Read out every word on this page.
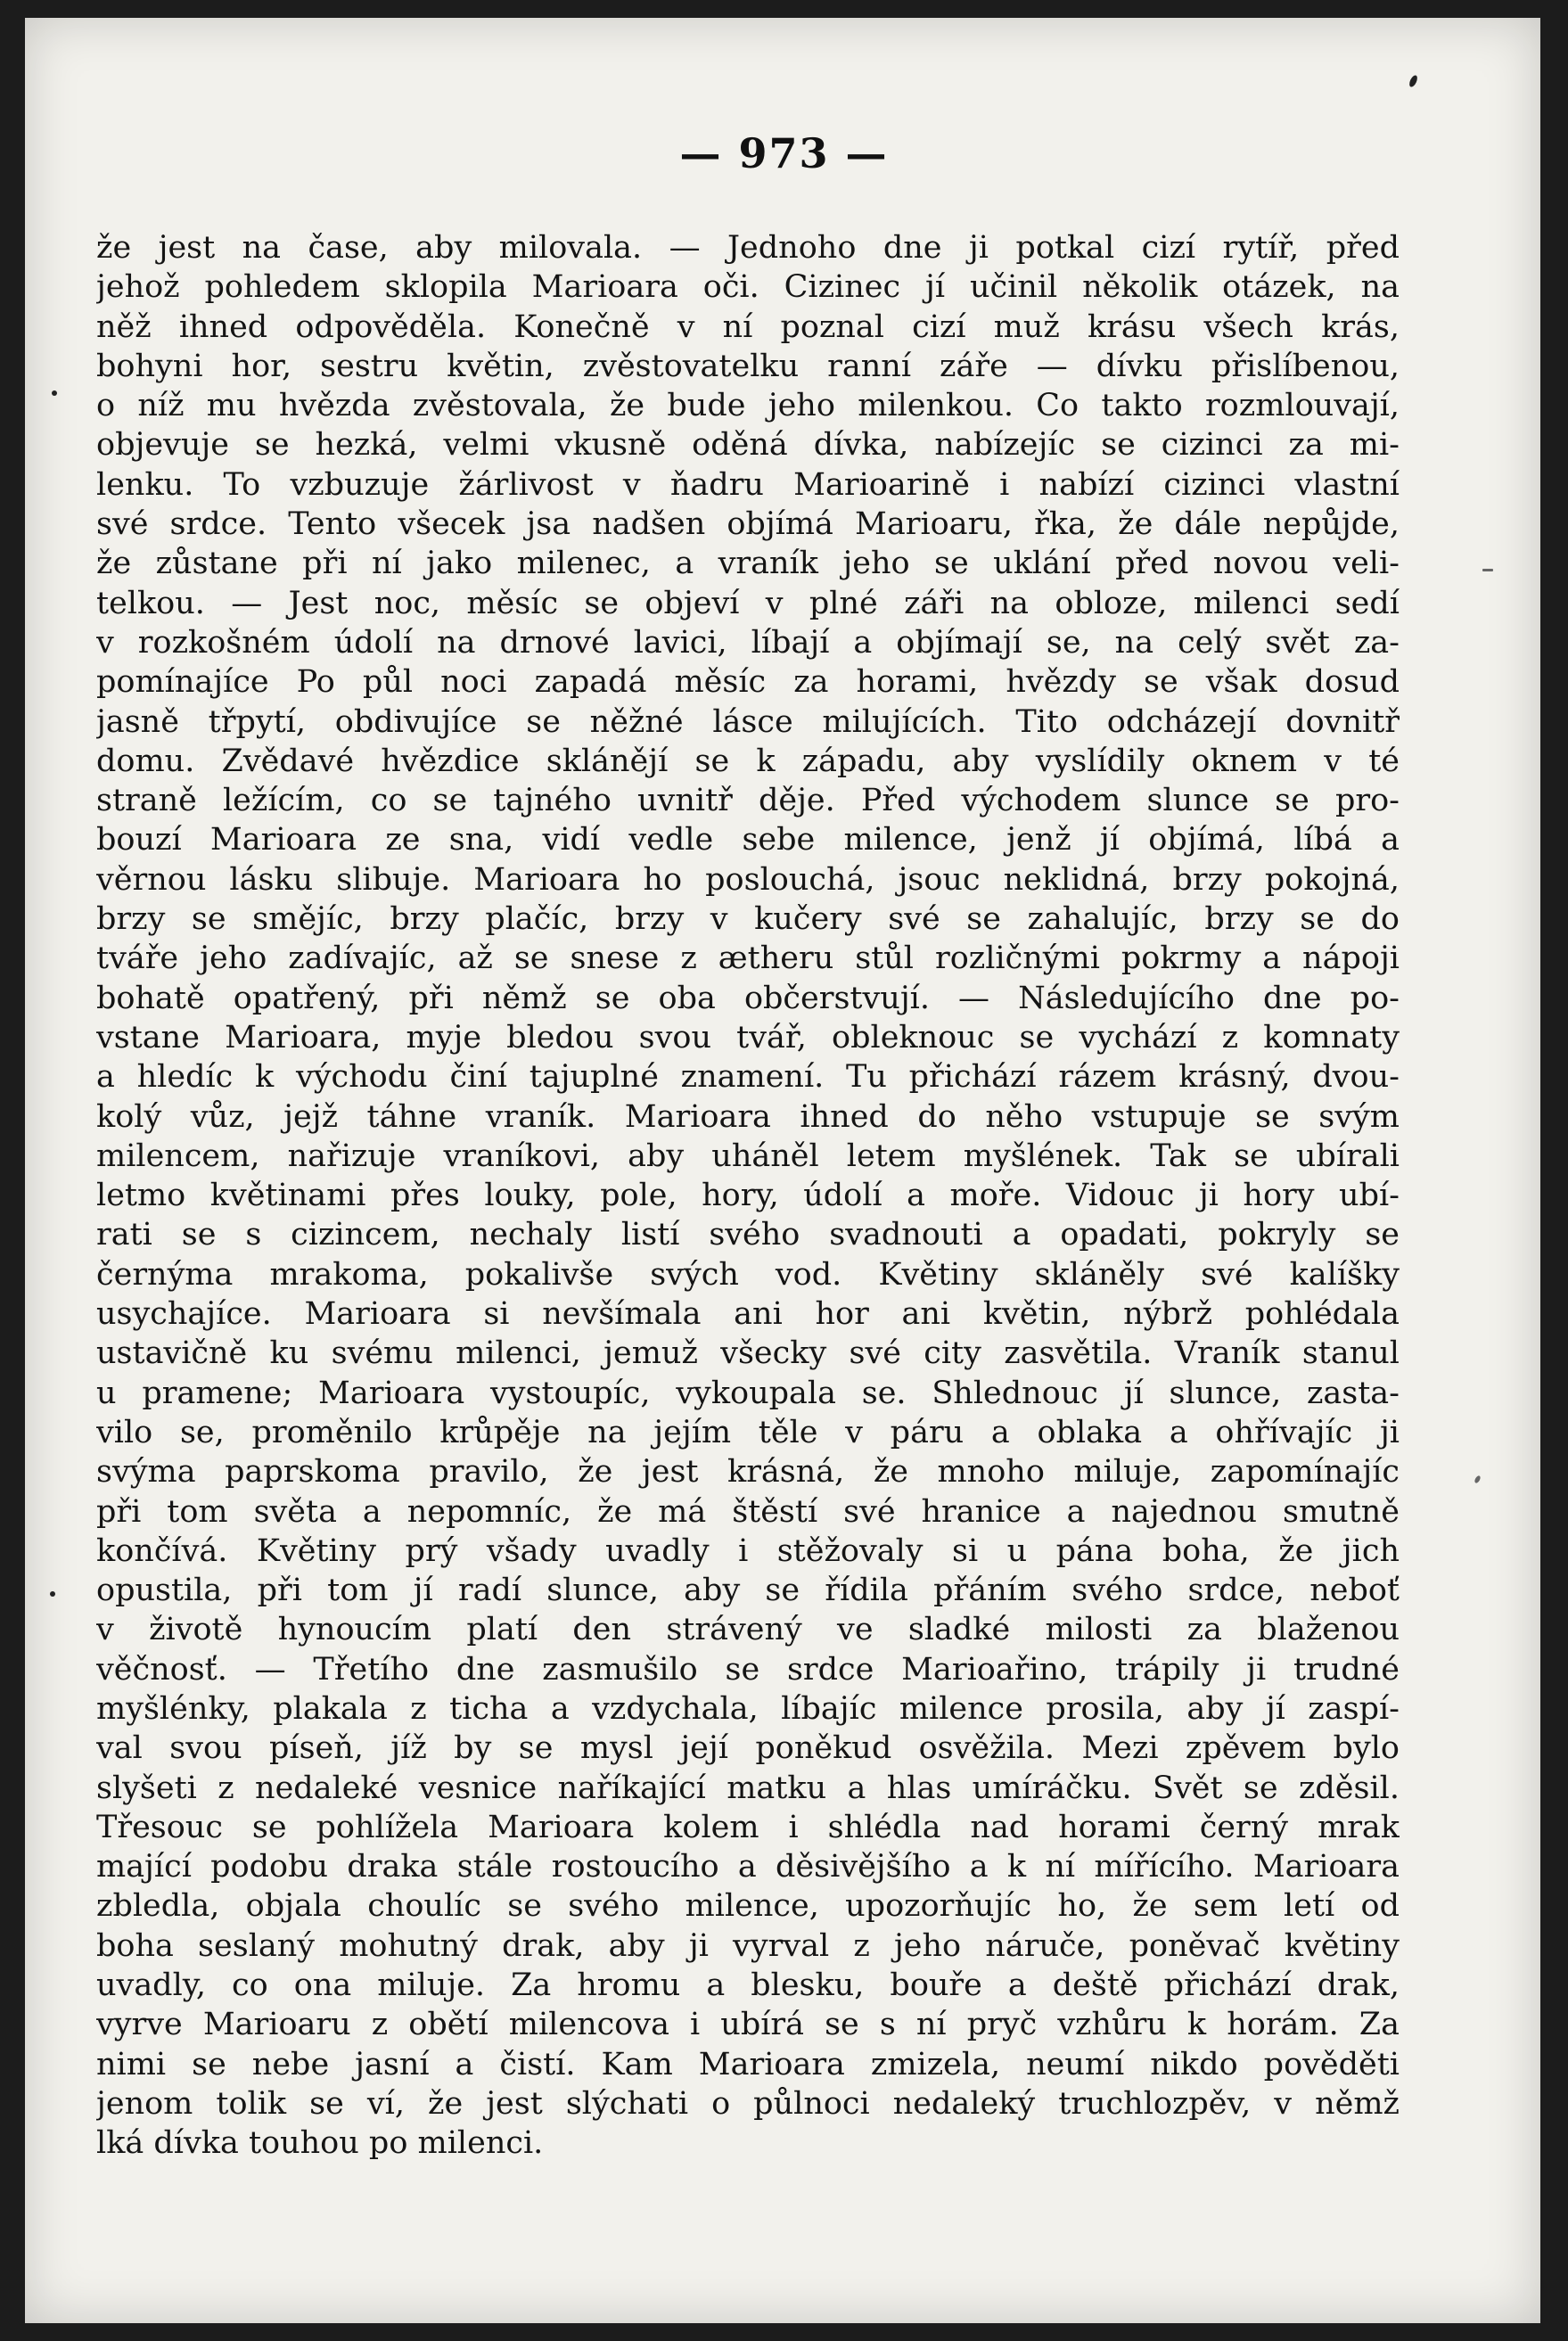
— 973 —
že jest na čase, aby milovala. — Jednoho dne ji potkal cizí rytíř, před
jehož pohledem sklopila Marioara oči. Cizinec jí učinil několik otázek, na
něž ihned odpověděla. Konečně v ní poznal cizí muž krásu všech krás,
bohyni hor, sestru květin, zvěstovatelku ranní záře — dívku přislíbenou,
o níž mu hvězda zvěstovala, že bude jeho milenkou. Co takto rozmlouvají,
objevuje se hezká, velmi vkusně oděná dívka, nabízejíc se cizinci za mi-
lenku. To vzbuzuje žárlivost v ňadru Marioarině i nabízí cizinci vlastní
své srdce. Tento všecek jsa nadšen objímá Marioaru, řka, že dále nepůjde,
že zůstane při ní jako milenec, a vraník jeho se uklání před novou veli-
telkou. — Jest noc, měsíc se objeví v plné záři na obloze, milenci sedí
v rozkošném údolí na drnové lavici, líbají a objímají se, na celý svět za-
pomínajíce Po půl noci zapadá měsíc za horami, hvězdy se však dosud
jasně třpytí, obdivujíce se něžné lásce milujících. Tito odcházejí dovnitř
domu. Zvědavé hvězdice sklánějí se k západu, aby vyslídily oknem v té
straně ležícím, co se tajného uvnitř děje. Před východem slunce se pro-
bouzí Marioara ze sna, vidí vedle sebe milence, jenž jí objímá, líbá a
věrnou lásku slibuje. Marioara ho poslouchá, jsouc neklidná, brzy pokojná,
brzy se smějíc, brzy plačíc, brzy v kučery své se zahalujíc, brzy se do
tváře jeho zadívajíc, až se snese z ætheru stůl rozličnými pokrmy a nápoji
bohatě opatřený, při němž se oba občerstvují. — Následujícího dne po-
vstane Marioara, myje bledou svou tvář, obleknouc se vychází z komnaty
a hledíc k východu činí tajuplné znamení. Tu přichází rázem krásný, dvou-
kolý vůz, jejž táhne vraník. Marioara ihned do něho vstupuje se svým
milencem, nařizuje vraníkovi, aby uháněl letem myšlének. Tak se ubírali
letmo květinami přes louky, pole, hory, údolí a moře. Vidouc ji hory ubí-
rati se s cizincem, nechaly listí svého svadnouti a opadati, pokryly se
černýma mrakoma, pokalivše svých vod. Květiny skláněly své kalíšky
usychajíce. Marioara si nevšímala ani hor ani květin, nýbrž pohlédala
ustavičně ku svému milenci, jemuž všecky své city zasvětila. Vraník stanul
u pramene; Marioara vystoupíc, vykoupala se. Shlednouc jí slunce, zasta-
vilo se, proměnilo krůpěje na jejím těle v páru a oblaka a ohřívajíc ji
svýma paprskoma pravilo, že jest krásná, že mnoho miluje, zapomínajíc
při tom světa a nepomníc, že má štěstí své hranice a najednou smutně
končívá. Květiny prý všady uvadly i stěžovaly si u pána boha, že jich
opustila, při tom jí radí slunce, aby se řídila přáním svého srdce, neboť
v životě hynoucím platí den strávený ve sladké milosti za blaženou
věčnosť. — Třetího dne zasmušilo se srdce Marioařino, trápily ji trudné
myšlénky, plakala z ticha a vzdychala, líbajíc milence prosila, aby jí zaspí-
val svou píseň, jíž by se mysl její poněkud osvěžila. Mezi zpěvem bylo
slyšeti z nedaleké vesnice naříkající matku a hlas umíráčku. Svět se zděsil.
Třesouc se pohlížela Marioara kolem i shlédla nad horami černý mrak
mající podobu draka stále rostoucího a děsivějšího a k ní mířícího. Marioara
zbledla, objala choulíc se svého milence, upozorňujíc ho, že sem letí od
boha seslaný mohutný drak, aby ji vyrval z jeho náruče, poněvač květiny
uvadly, co ona miluje. Za hromu a blesku, bouře a deště přichází drak,
vyrve Marioaru z obětí milencova i ubírá se s ní pryč vzhůru k horám. Za
nimi se nebe jasní a čistí. Kam Marioara zmizela, neumí nikdo pověděti
jenom tolik se ví, že jest slýchati o půlnoci nedaleký truchlozpěv, v němž
lká dívka touhou po milenci.
